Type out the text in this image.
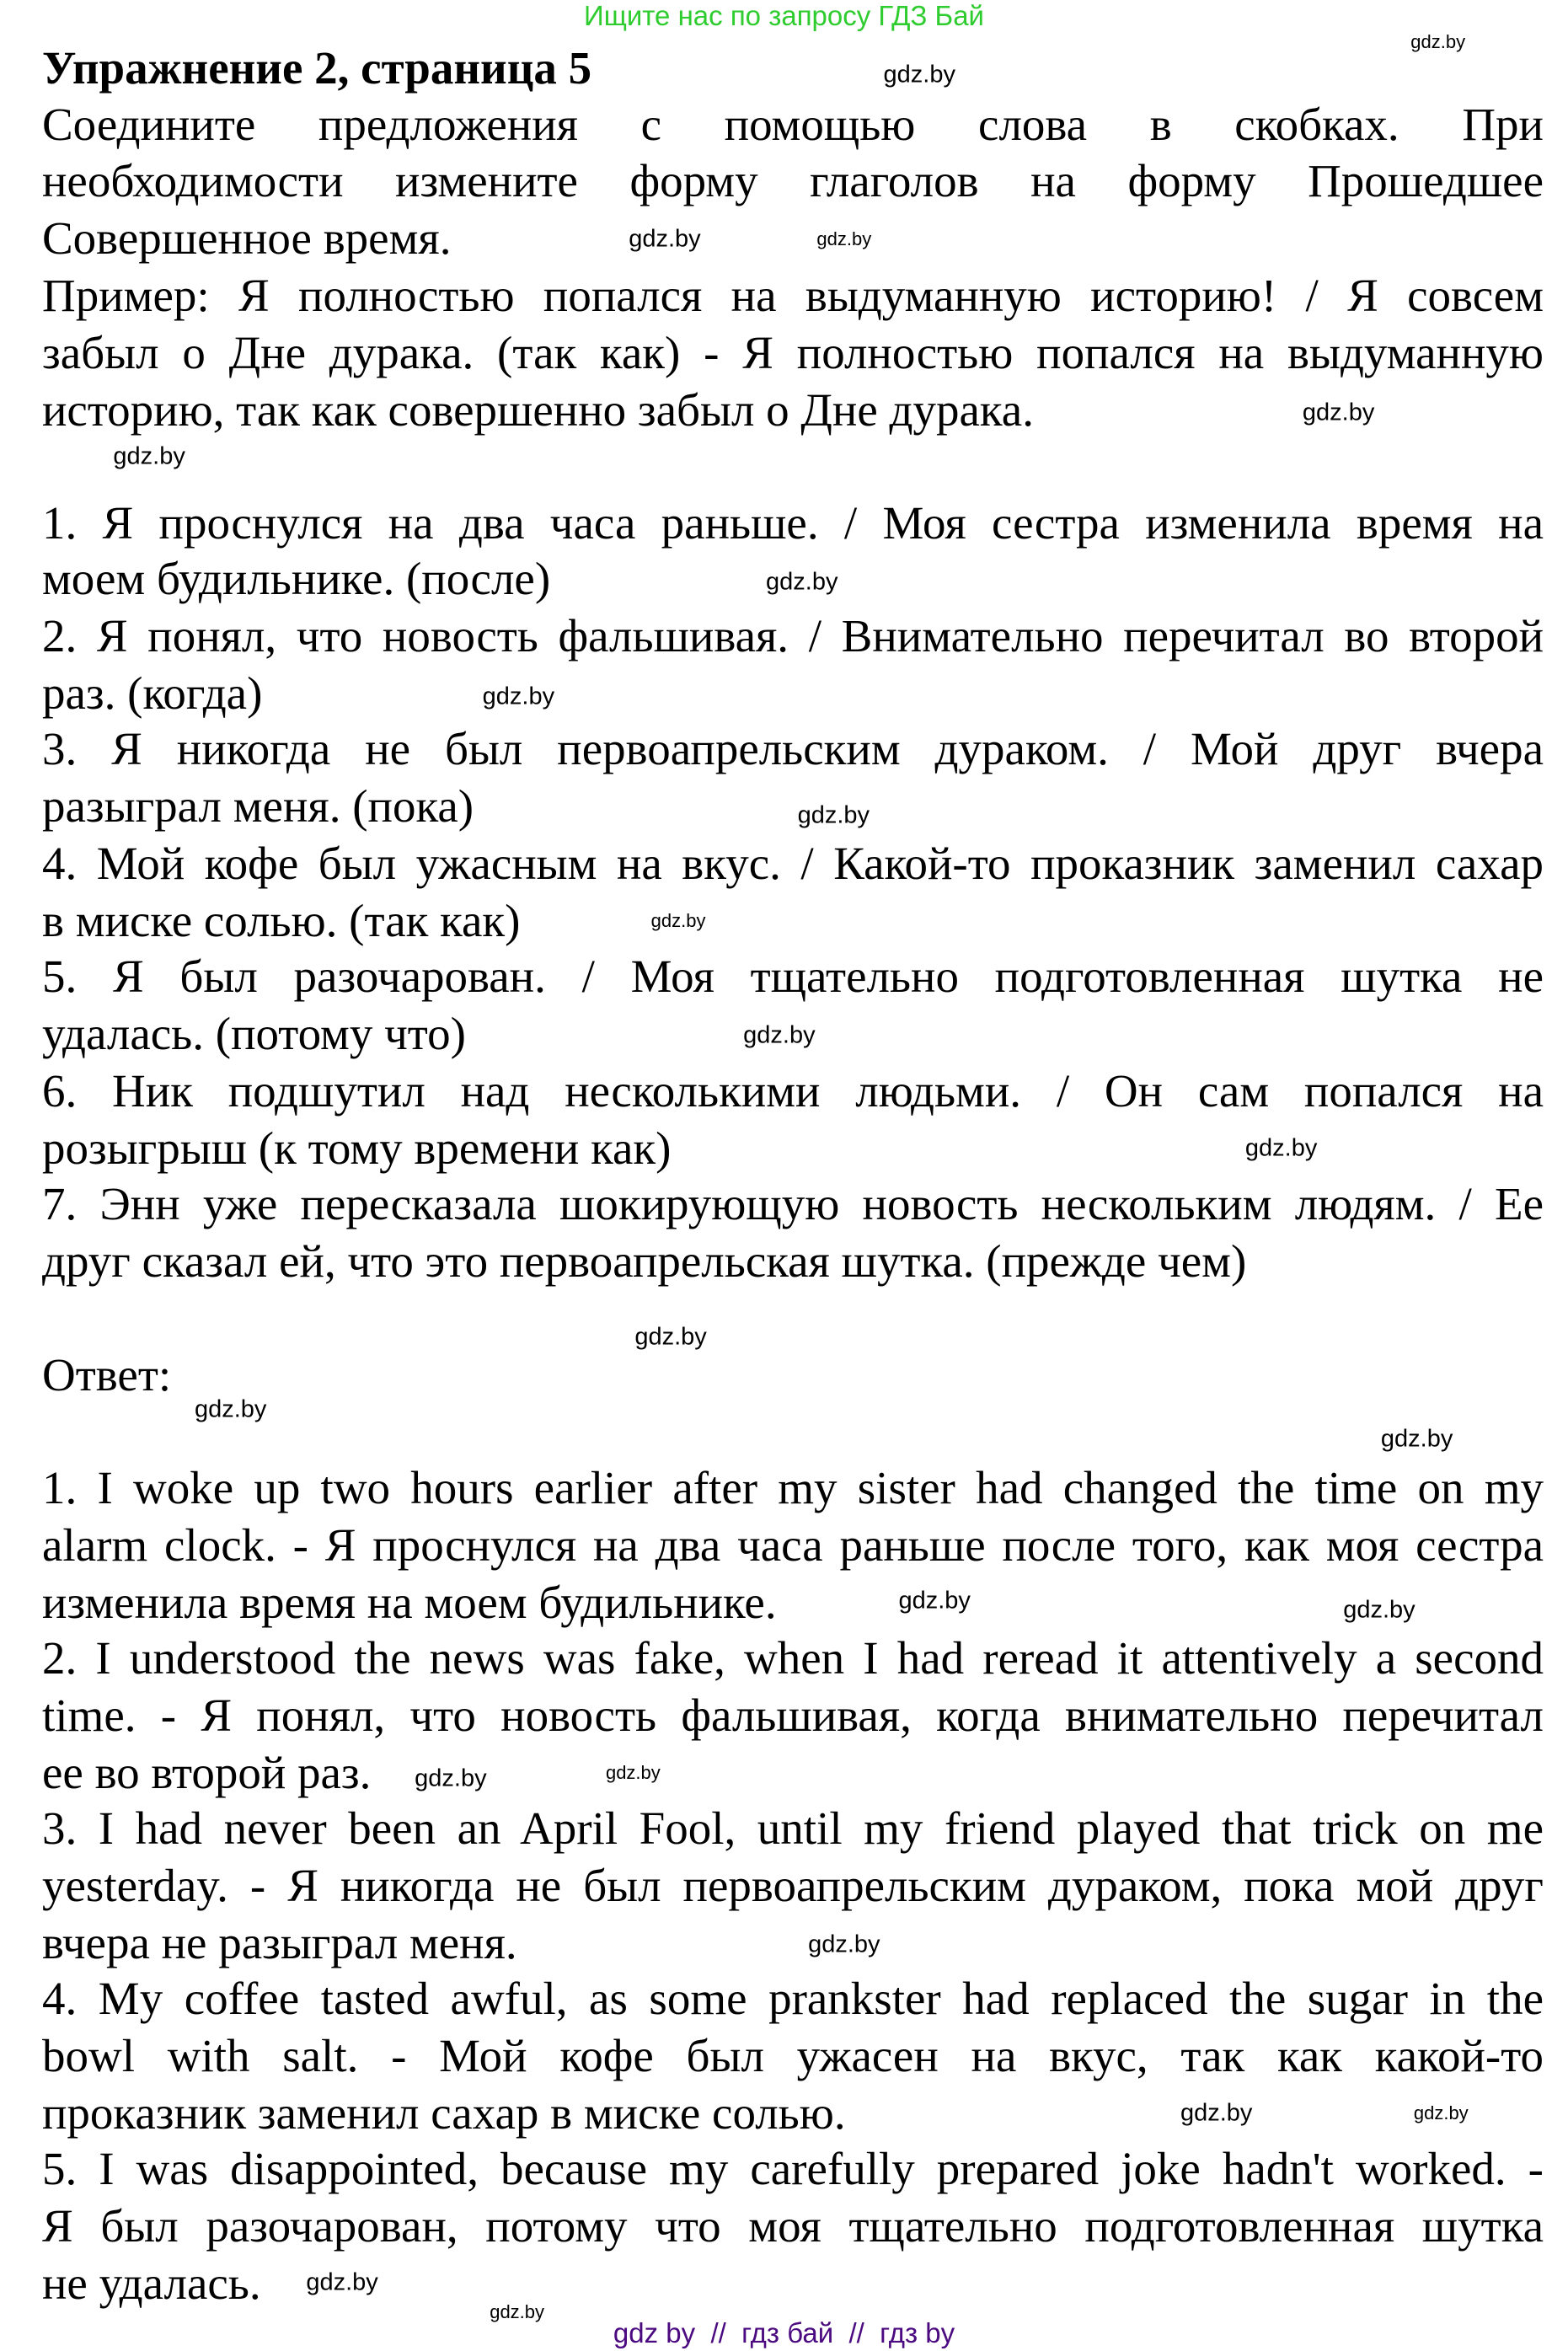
Ищите нас по запросу ГДЗ Бай
Упражнение 2, страница 5
Соедините предложения с помощью слова в скобках. При
необходимости измените форму глаголов на форму Прошедшее
Совершенное время.
Пример: Я полностью попался на выдуманную историю! / Я совсем
забыл о Дне дурака. (так как) - Я полностью попался на выдуманную
историю, так как совершенно забыл о Дне дурака.
1. Я проснулся на два часа раньше. / Моя сестра изменила время на
моем будильнике. (после)
2. Я понял, что новость фальшивая. / Внимательно перечитал во второй
раз. (когда)
3. Я никогда не был первоапрельским дураком. / Мой друг вчера
разыграл меня. (пока)
4. Мой кофе был ужасным на вкус. / Какой-то проказник заменил сахар
в миске солью. (так как)
5. Я был разочарован. / Моя тщательно подготовленная шутка не
удалась. (потому что)
6. Ник подшутил над несколькими людьми. / Он сам попался на
розыгрыш (к тому времени как)
7. Энн уже пересказала шокирующую новость нескольким людям. / Ее
друг сказал ей, что это первоапрельская шутка. (прежде чем)
Ответ:
1. I woke up two hours earlier after my sister had changed the time on my
alarm clock. - Я проснулся на два часа раньше после того, как моя сестра
изменила время на моем будильнике.
2. I understood the news was fake, when I had reread it attentively a second
time. - Я понял, что новость фальшивая, когда внимательно перечитал
ее во второй раз.
3. I had never been an April Fool, until my friend played that trick on me
yesterday. - Я никогда не был первоапрельским дураком, пока мой друг
вчера не разыграл меня.
4. My coffee tasted awful, as some prankster had replaced the sugar in the
bowl with salt. - Мой кофе был ужасен на вкус, так как какой-то
проказник заменил сахар в миске солью.
5. I was disappointed, because my carefully prepared joke hadn't worked. -
Я был разочарован, потому что моя тщательно подготовленная шутка
не удалась.
gdz.by
gdz.by
gdz.by
gdz.by
gdz.by
gdz.by
gdz.by
gdz.by
gdz.by
gdz.by
gdz.by
gdz.by
gdz.by
gdz.by
gdz.by
gdz.by	gdz.by
gdz.by
gdz.by
gdz.by
gdz.by	gdz.by
gdz.by
gdz.by
gdz by  //  гдз бай  //  гдз by
